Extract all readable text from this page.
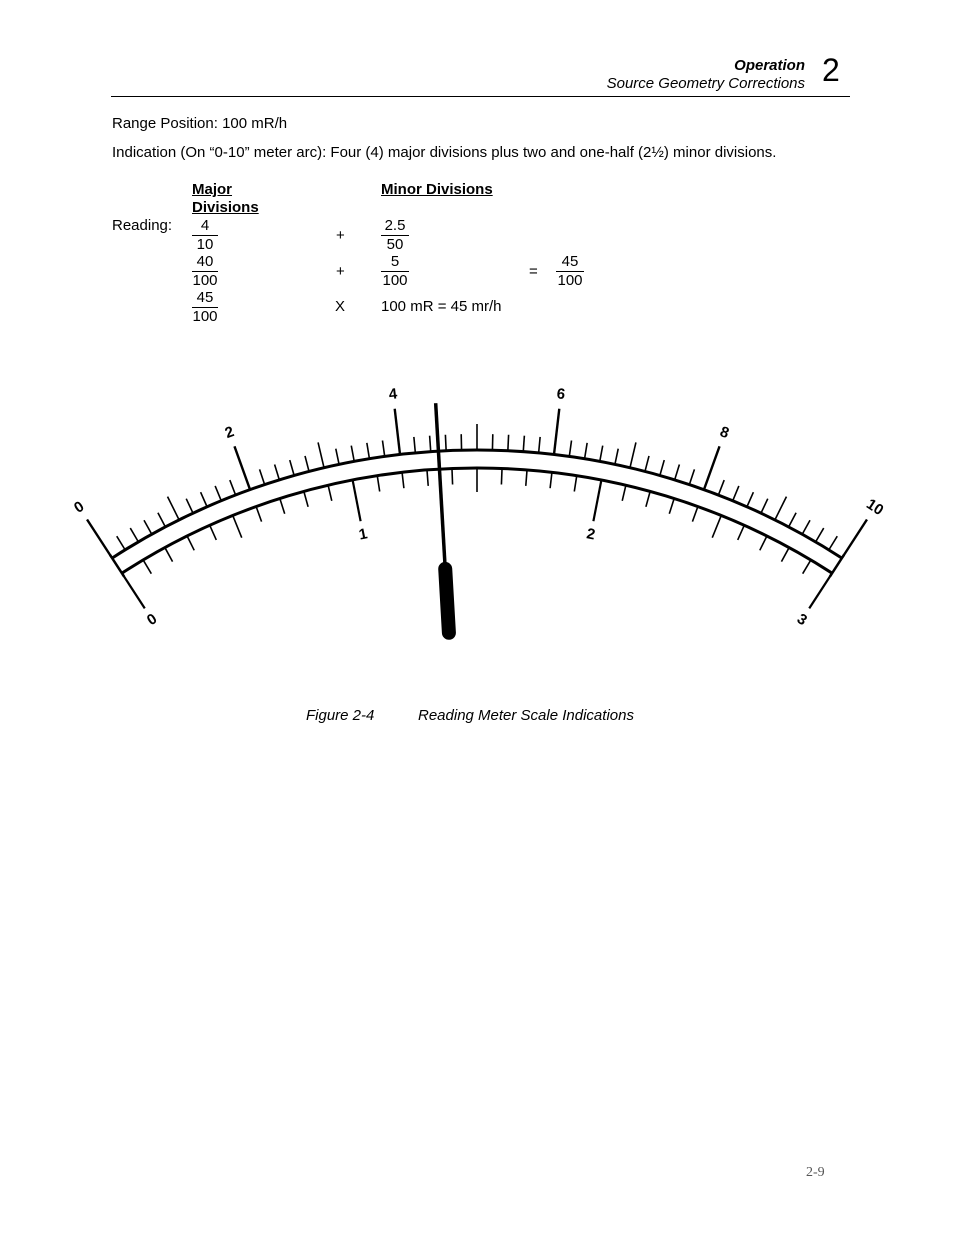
Operation
Source Geometry Corrections 2
Range Position: 100 mR/h
Indication (On “0-10” meter arc): Four (4) major divisions plus two and one-half (2½) minor divisions.
Major
Divisions
Minor Divisions
Reading: $\frac{4}{10}$	+ $\frac{2.5}{50}$
$\frac{40}{100}$	+ $\frac{5}{100}$	= $\frac{45}{100}$
$\frac{45}{100}$	X 100 mR = 45 mr/h
0
2
4	6
8
10
0
1	2
3
Figure 2-4	Reading Meter Scale Indications
2-9
